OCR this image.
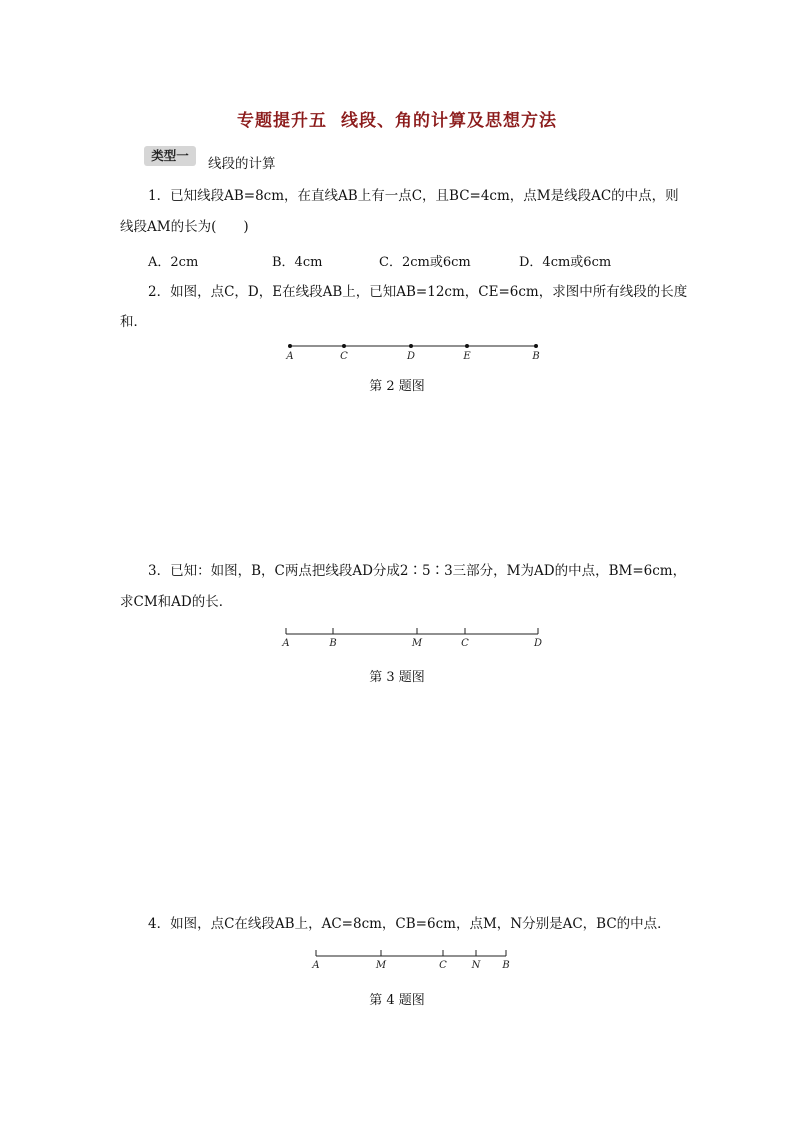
专题提升五 线段、角的计算及思想方法
类型一
线段的计算
1．已知线段AB=8cm，在直线AB上有一点C，且BC=4cm，点M是线段AC的中点，则
线段AM的长为(　　)
A．2cm	B．4cm	C．2cm或6cm	D．4cm或6cm
2．如图，点C，D，E在线段AB上，已知AB=12cm，CE=6cm，求图中所有线段的长度
和．
A	C	D	E	B
第 2 题图
3．已知：如图，B，C两点把线段AD分成2∶5∶3三部分，M为AD的中点，BM=6cm，
求CM和AD的长．
A	B	M	C	D
第 3 题图
4．如图，点C在线段AB上，AC=8cm，CB=6cm，点M，N分别是AC，BC的中点．
A	M	C N B
第 4 题图
